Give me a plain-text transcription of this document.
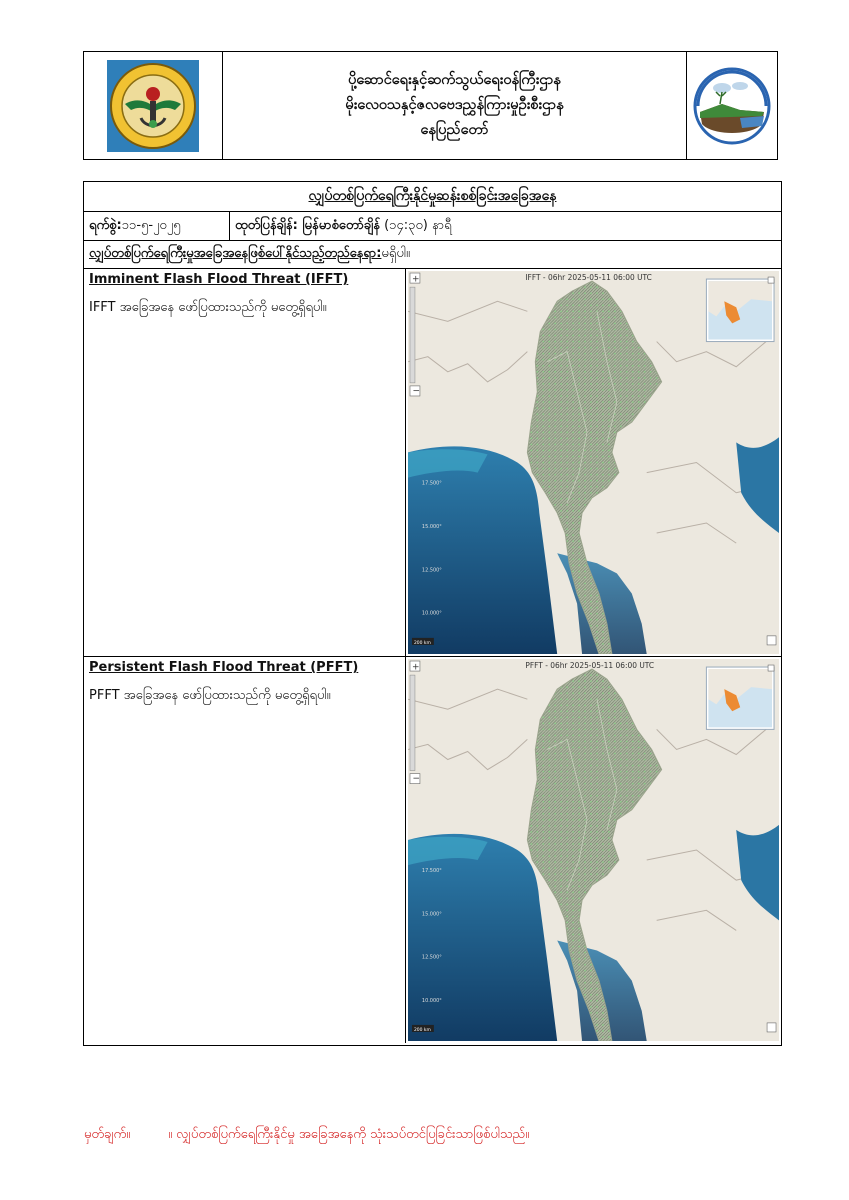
ပို့ဆောင်ရေးနှင့်ဆက်သွယ်ရေးဝန်ကြီးဌာန
မိုးလေဝသနှင့်ဇလဗေဒညွှန်ကြားမှုဦးစီးဌာန
နေပြည်တော်
လျှပ်တစ်ပြက်ရေကြီးနိုင်မှုဆန်းစစ်ခြင်းအခြေအနေ
ရက်စွဲ: ၁၁-၅-၂၀၂၅	ထုတ်ပြန်ချိန်: မြန်မာစံတော်ချိန် (၁၄:၃၀) နာရီ
လျှပ်တစ်ပြက်ရေကြီးမှုအခြေအနေဖြစ်ပေါ်နိုင်သည့်တည်နေရာ: မရှိပါ။
Imminent Flash Flood Threat (IFFT)
IFFT အခြေအနေ ဖော်ပြထားသည်ကို မတွေ့ရှိရပါ။
IFFT - 06hr 2025-05-11 06:00 UTC
17.500°
15.000°
12.500°
10.000°
200 km
Persistent Flash Flood Threat (PFFT)
PFFT အခြေအနေ ဖော်ပြထားသည်ကို မတွေ့ရှိရပါ။
PFFT - 06hr 2025-05-11 06:00 UTC
17.500°
15.000°
12.500°
10.000°
200 km
မှတ်ချက်။	။ လျှပ်တစ်ပြက်ရေကြီးနိုင်မှု အခြေအနေကို သုံးသပ်တင်ပြခြင်းသာဖြစ်ပါသည်။
